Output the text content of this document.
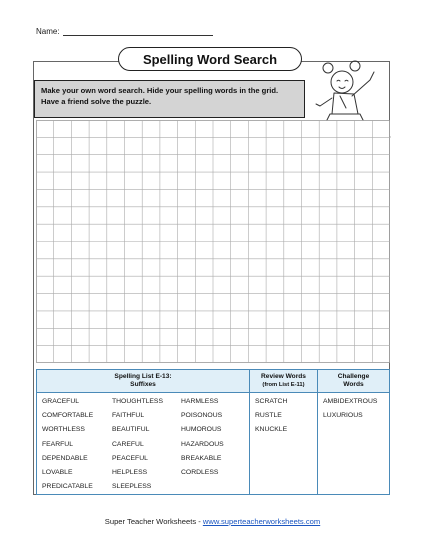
Name:
Spelling Word Search
Make your own word search. Hide your spelling words in the grid. Have a friend solve the puzzle.
Spelling List E-13:
Suffixes
Review Words
(from List E-11)
Challenge
Words
GRACEFUL
COMFORTABLE
WORTHLESS
FEARFUL
DEPENDABLE
LOVABLE
PREDICATABLE
THOUGHTLESS
FAITHFUL
BEAUTIFUL
CAREFUL
PEACEFUL
HELPLESS
SLEEPLESS
HARMLESS
POISONOUS
HUMOROUS
HAZARDOUS
BREAKABLE
CORDLESS
SCRATCH
RUSTLE
KNUCKLE
AMBIDEXTROUS
LUXURIOUS
Super Teacher Worksheets - www.superteacherworksheets.com
